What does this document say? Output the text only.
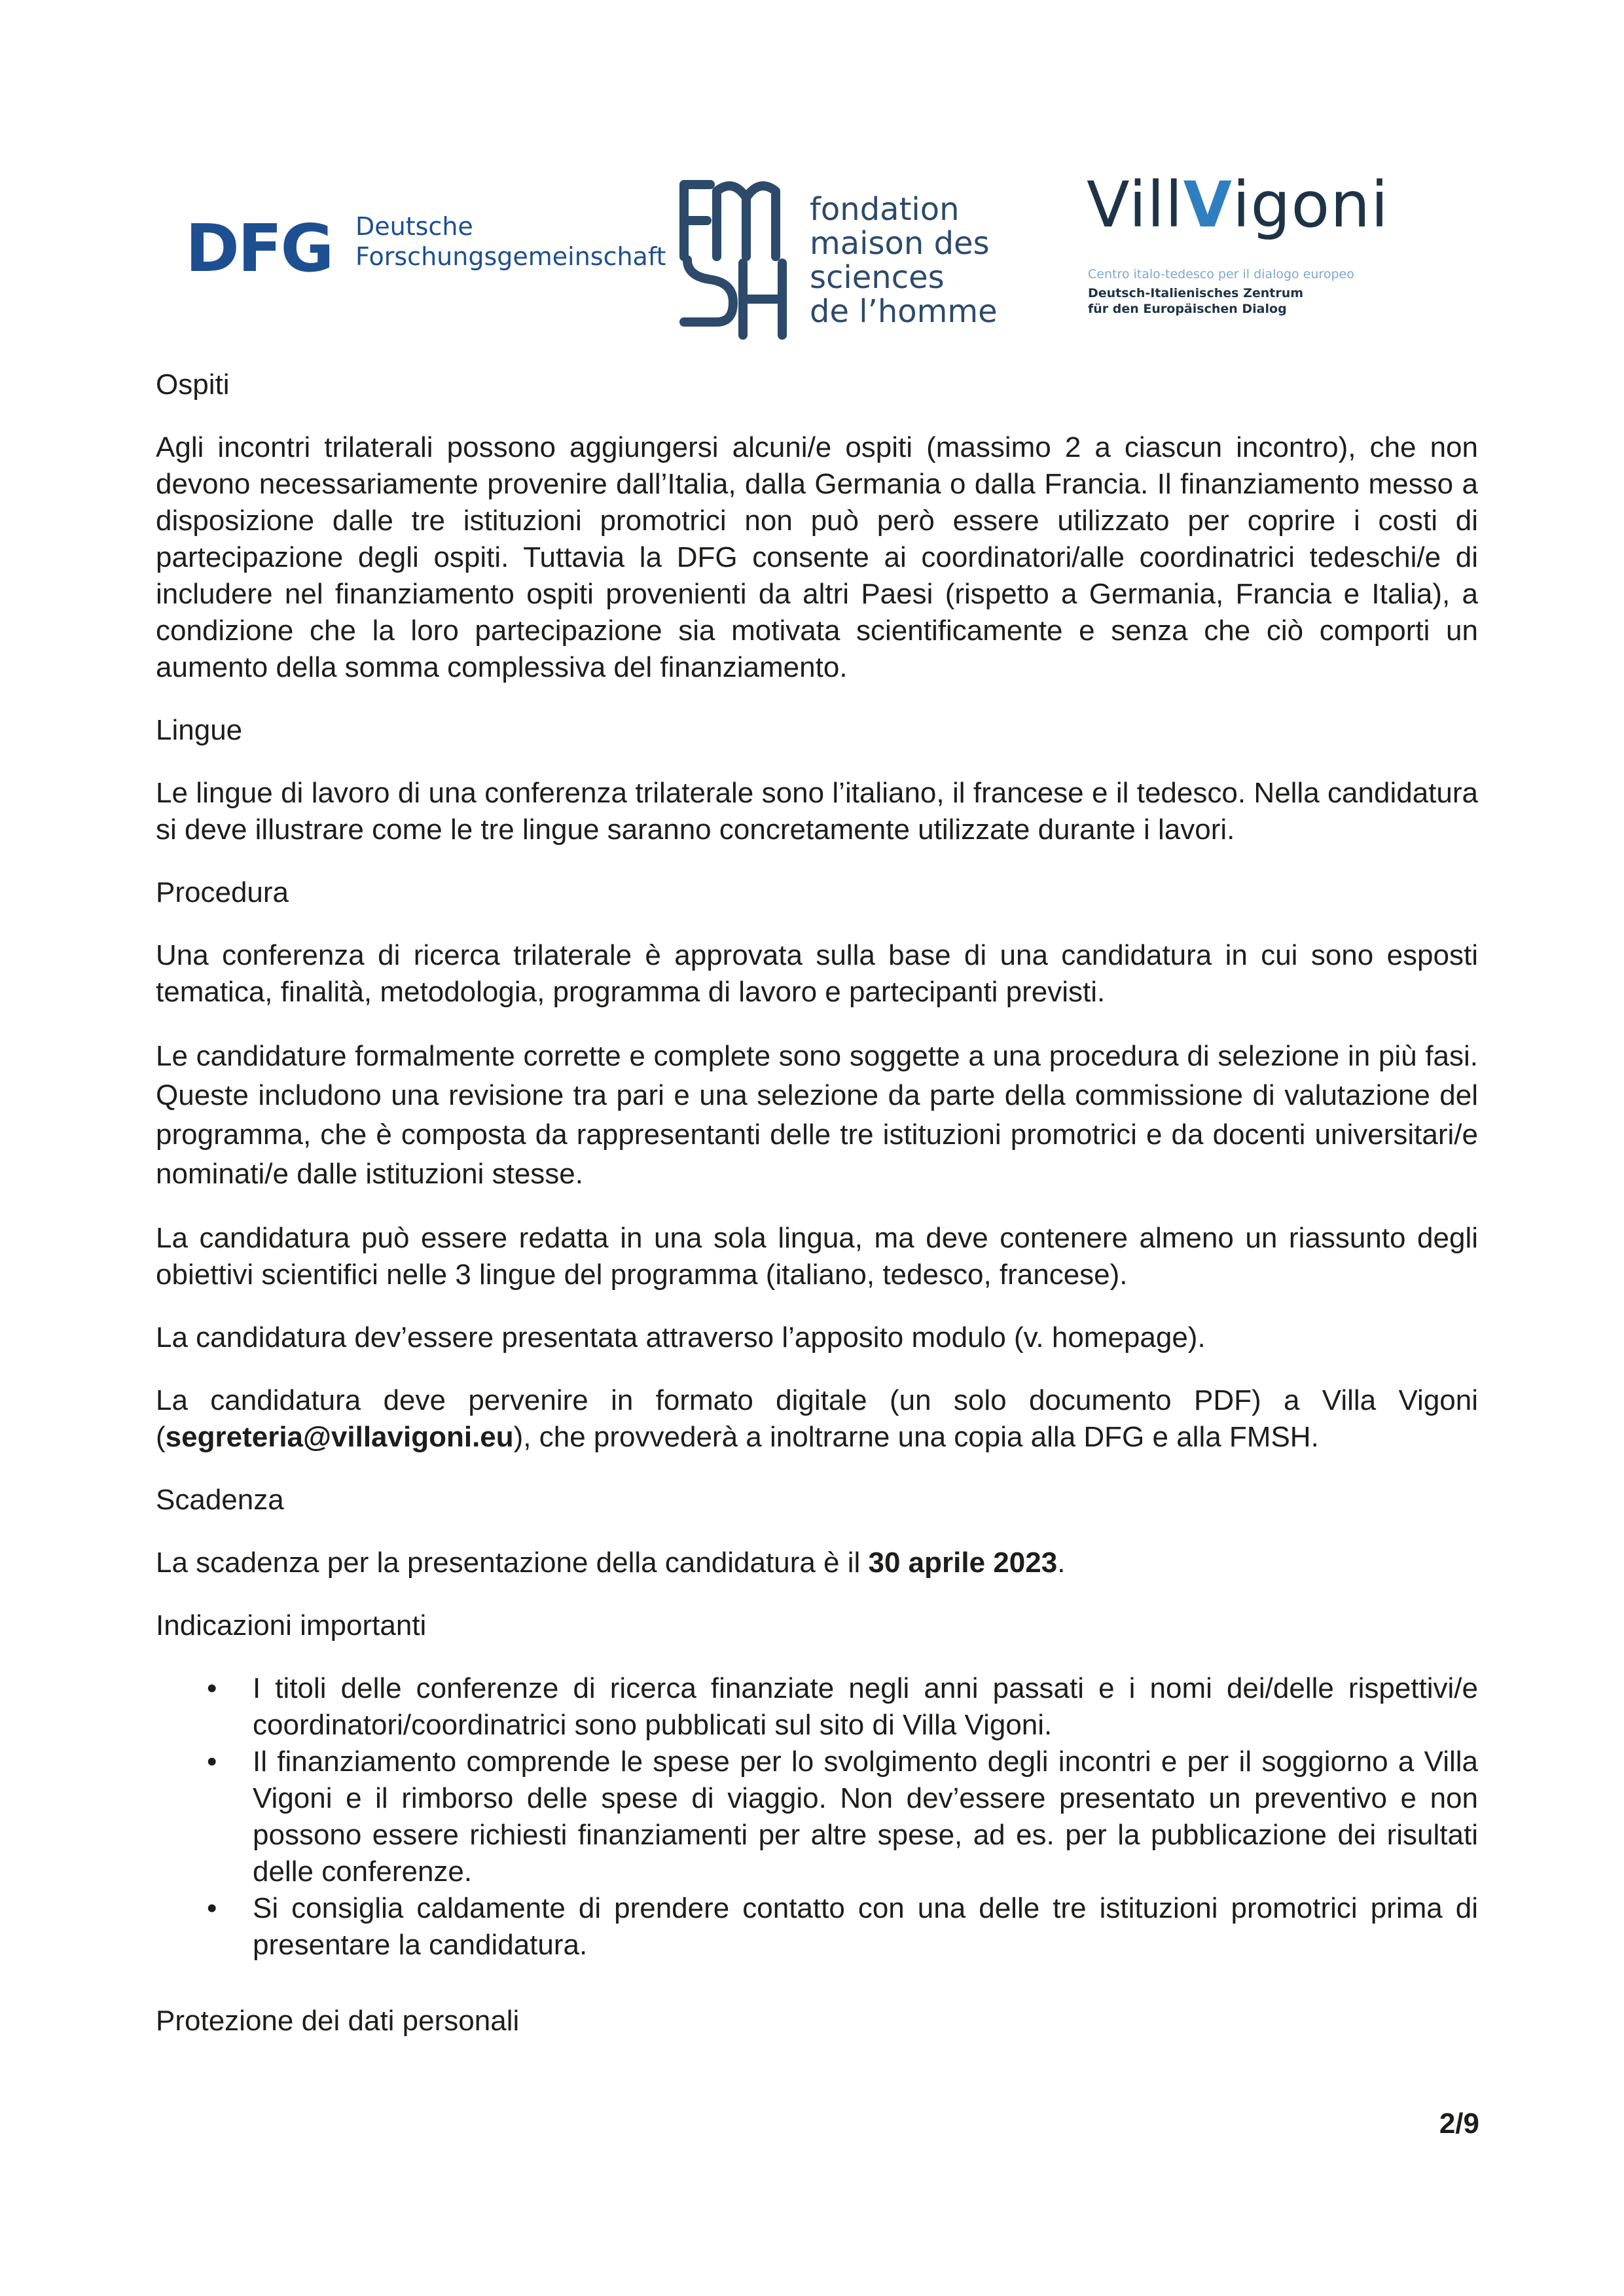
DFG Deutsche
Forschungsgemeinschaft
fondation
maison des
sciences
de l’homme
VillVigoni
Centro italo-tedesco per il dialogo europeo
Deutsch-Italienisches Zentrum für den Europäischen Dialog

Ospiti

Agli incontri trilaterali possono aggiungersi alcuni/e ospiti (massimo 2 a ciascun incontro), che non devono necessariamente provenire dall’Italia, dalla Germania o dalla Francia. Il finanziamento messo a disposizione dalle tre istituzioni promotrici non può però essere utilizzato per coprire i costi di partecipazione degli ospiti. Tuttavia la DFG consente ai coordinatori/alle coordinatrici tedeschi/e di includere nel finanziamento ospiti provenienti da altri Paesi (rispetto a Germania, Francia e Italia), a condizione che la loro partecipazione sia motivata scientificamente e senza che ciò comporti un aumento della somma complessiva del finanziamento.

Lingue

Le lingue di lavoro di una conferenza trilaterale sono l’italiano, il francese e il tedesco. Nella candidatura si deve illustrare come le tre lingue saranno concretamente utilizzate durante i lavori.

Procedura

Una conferenza di ricerca trilaterale è approvata sulla base di una candidatura in cui sono esposti tematica, finalità, metodologia, programma di lavoro e partecipanti previsti.

Le candidature formalmente corrette e complete sono soggette a una procedura di selezione in più fasi. Queste includono una revisione tra pari e una selezione da parte della commissione di valutazione del programma, che è composta da rappresentanti delle tre istituzioni promotrici e da docenti universitari/e nominati/e dalle istituzioni stesse.

La candidatura può essere redatta in una sola lingua, ma deve contenere almeno un riassunto degli obiettivi scientifici nelle 3 lingue del programma (italiano, tedesco, francese).

La candidatura dev’essere presentata attraverso l’apposito modulo (v. homepage).

La candidatura deve pervenire in formato digitale (un solo documento PDF) a Villa Vigoni (segreteria@villavigoni.eu), che provvederà a inoltrarne una copia alla DFG e alla FMSH.

Scadenza

La scadenza per la presentazione della candidatura è il 30 aprile 2023.

Indicazioni importanti

• I titoli delle conferenze di ricerca finanziate negli anni passati e i nomi dei/delle rispettivi/e coordinatori/coordinatrici sono pubblicati sul sito di Villa Vigoni.
• Il finanziamento comprende le spese per lo svolgimento degli incontri e per il soggiorno a Villa Vigoni e il rimborso delle spese di viaggio. Non dev’essere presentato un preventivo e non possono essere richiesti finanziamenti per altre spese, ad es. per la pubblicazione dei risultati delle conferenze.
• Si consiglia caldamente di prendere contatto con una delle tre istituzioni promotrici prima di presentare la candidatura.

Protezione dei dati personali

2/9
